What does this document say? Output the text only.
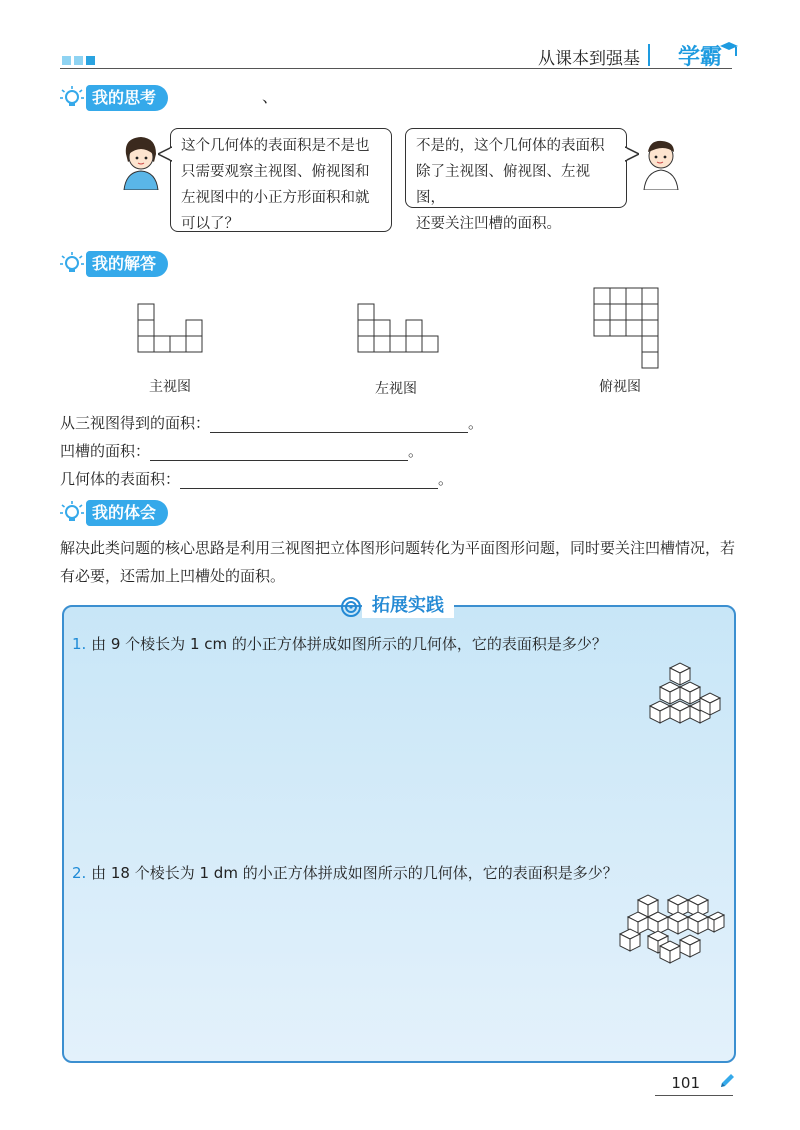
从课本到强基 学霸
我的思考	、
这个几何体的表面积是不是也
只需要观察主视图、俯视图和
左视图中的小正方形面积和就
可以了？
不是的，这个几何体的表面积
除了主视图、俯视图、左视图，
还要关注凹槽的面积。
我的解答
主视图	左视图	俯视图
从三视图得到的面积：	。
凹槽的面积：	。
几何体的表面积：	。
我的体会
解决此类问题的核心思路是利用三视图把立体图形问题转化为平面图形问题，同时要关注凹槽情况，若有必要，还需加上凹槽处的面积。
拓展实践
1. 由 9 个棱长为 1 cm 的小正方体拼成如图所示的几何体，它的表面积是多少？
2. 由 18 个棱长为 1 dm 的小正方体拼成如图所示的几何体，它的表面积是多少？
101
